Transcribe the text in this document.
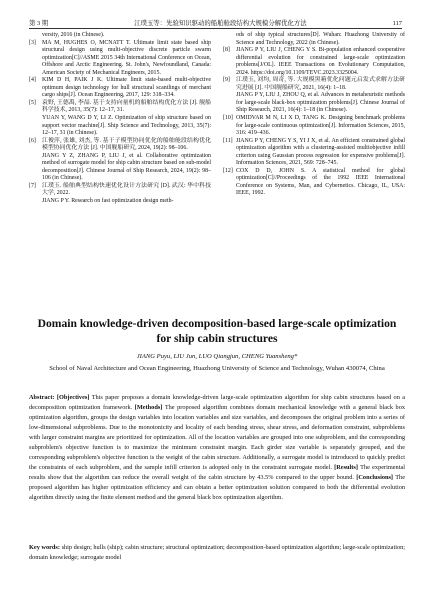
第 3 期	江璞玉等：先验知识驱动的船舶舱段结构大规模分解优化方法	117
versity, 2016 (in Chinese).
[3]	MA M, HUGHES O, MCNATT T. Ultimate limit state based ship structural design using multi-objective discrete particle swarm optimization[C]//ASME 2015 34th International Conference on Ocean, Offshore and Arctic Engineering. St. John's, Newfoundland, Canada: American Society of Mechanical Engineers, 2015.
[4]	KIM D H, PAIK J K. Ultimate limit state-based multi-objective optimum design technology for hull structural scantlings of merchant cargo ships[J]. Ocean Engineering, 2017, 129: 318–334.
[5]	袁野, 王德禹, 李喆. 基于支持向量机的船舶结构优化方法 [J]. 舰船科学技术, 2013, 35(7): 12–17, 31.
YUAN Y, WANG D Y, LI Z. Optimization of ship structure based on support vector machine[J]. Ship Science and Technology, 2013, 35(7): 12–17, 31 (in Chinese).
[6]	江俊萍, 张雄, 刘杰, 等. 基于子模型协同优化的船舶舱段结构优化模型协同优化方法 [J]. 中国舰船研究, 2024, 19(2): 98–106.
JIANG Y Z, ZHANG P, LIU J, et al. Collaborative optimization method of surrogate model for ship cabin structure based on sub-model decomposition[J]. Chinese Journal of Ship Research, 2024, 19(2): 98–106 (in Chinese).
[7]	江璞玉. 船舶典型结构快速优化设计方法研究 [D]. 武汉: 华中科技大学, 2022.
JIANG P Y. Research on fast optimization design meth-
ods of ship typical structures[D]. Wuhan: Huazhong University of Science and Technology, 2022 (in Chinese).
[8]	JIANG P Y, LIU J, CHENG Y S. Bi-population enhanced cooperative differential evolution for constrained large-scale optimization problems[J/OL]. IEEE Transactions on Evolutionary Computation, 2024. https://doi.org/10.1109/TEVC.2023.3325004.
[9]	江璞玉, 刘均, 周奇, 等. 大规模黑箱优化问题元启发式求解方法研究进展 [J]. 中国舰船研究, 2021, 16(4): 1–18.
JIANG P Y, LIU J, ZHOU Q, et al. Advances in metaheuristic methods for large-scale black-box optimization problems[J]. Chinese Journal of Ship Research, 2021, 16(4): 1–18 (in Chinese).
[10] OMIDVAR M N, LI X D, TANG K. Designing benchmark problems for large-scale continuous optimization[J]. Information Sciences, 2015, 316: 419–436.
[11] JIANG P Y, CHENG Y S, YI J X, et al. An efficient constrained global optimization algorithm with a clustering-assisted multiobjective infill criterion using Gaussian process regression for expensive problems[J]. Information Sciences, 2021, 569: 728–745.
[12] COX D D, JOHN S. A statistical method for global optimization[C]//Proceedings of the 1992 IEEE International Conference on Systems, Man, and Cybernetics. Chicago, IL, USA: IEEE, 1992.
Domain knowledge-driven decomposition-based large-scale optimization for ship cabin structures
JIANG Puyu, LIU Jun, LUO Qiangjun, CHENG Yuansheng*
School of Naval Architecture and Ocean Engineering, Huazhong University of Science and Technology, Wuhan 430074, China
Abstract: [Objectives] This paper proposes a domain knowledge-driven large-scale optimization algorithm for ship cabin structures based on a decomposition optimization framework. [Methods] The proposed algorithm combines domain mechanical knowledge with a general black box optimization algorithm, groups the design variables into location variables and size variables, and decomposes the original problem into a series of low-dimensional subproblems. Due to the monotonicity and locality of each bending stress, shear stress, and deformation constraint, subproblems with larger constraint margins are prioritized for optimization. All of the location variables are grouped into one subproblem, and the corresponding subproblem's objective function is to maximize the minimum constraint margin. Each girder size variable is separately grouped, and the corresponding subproblem's objective function is the weight of the cabin structure. Additionally, a surrogate model is introduced to quickly predict the constraints of each subproblem, and the sample infill criterion is adopted only in the constraint surrogate model. [Results] The experimental results show that the algorithm can reduce the overall weight of the cabin structure by 43.5% compared to the upper bound. [Conclusions] The proposed algorithm has higher optimization efficiency and can obtain a better optimization solution compared to both the differential evolution algorithm directly using the finite element method and the general black box optimization algorithm.
Key words: ship design; hulls (ship); cabin structure; structural optimization; decomposition-based optimization algorithm; large-scale optimization; domain knowledge; surrogate model
